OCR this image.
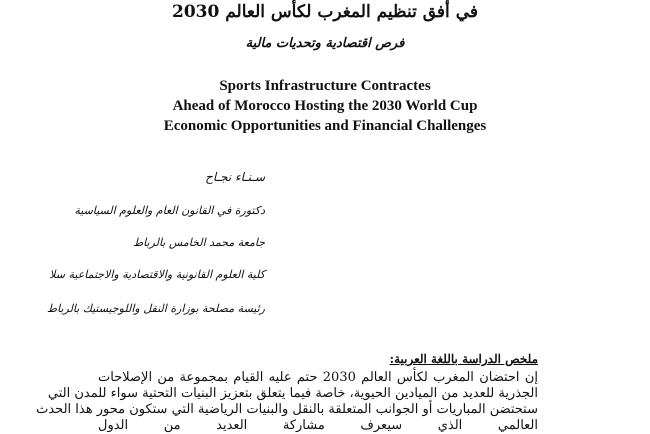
في أفق تنظيم المغرب لكأس العالم 2030
فرص اقتصادية وتحديات مالية
Sports Infrastructure Contractes
Ahead of Morocco Hosting the 2030 World Cup
Economic Opportunities and Financial Challenges
سـنـاء نجـاح
دكتورة في القانون العام والعلوم السياسية
جامعة محمد الخامس بالرباط
كلية العلوم القانونية والاقتصادية والاجتماعية سلا
رئيسة مصلحة بوزارة النقل واللوجيستيك بالرباط
ملخص الدراسة باللغة العربية:
إن احتضان المغرب لكأس العالم 2030 حتم عليه القيام بمجموعة من الإصلاحات
الجذرية للعديد من الميادين الحيوية، خاصة فيما يتعلق بتعزيز البنيات التحتية سواء للمدن التي
ستحتضن المباريات أو الجوانب المتعلقة بالنقل والبنيات الرياضية التي ستكون محور هذا الحدث
العالمي الذي سيعرف مشاركة العديد من الدول
